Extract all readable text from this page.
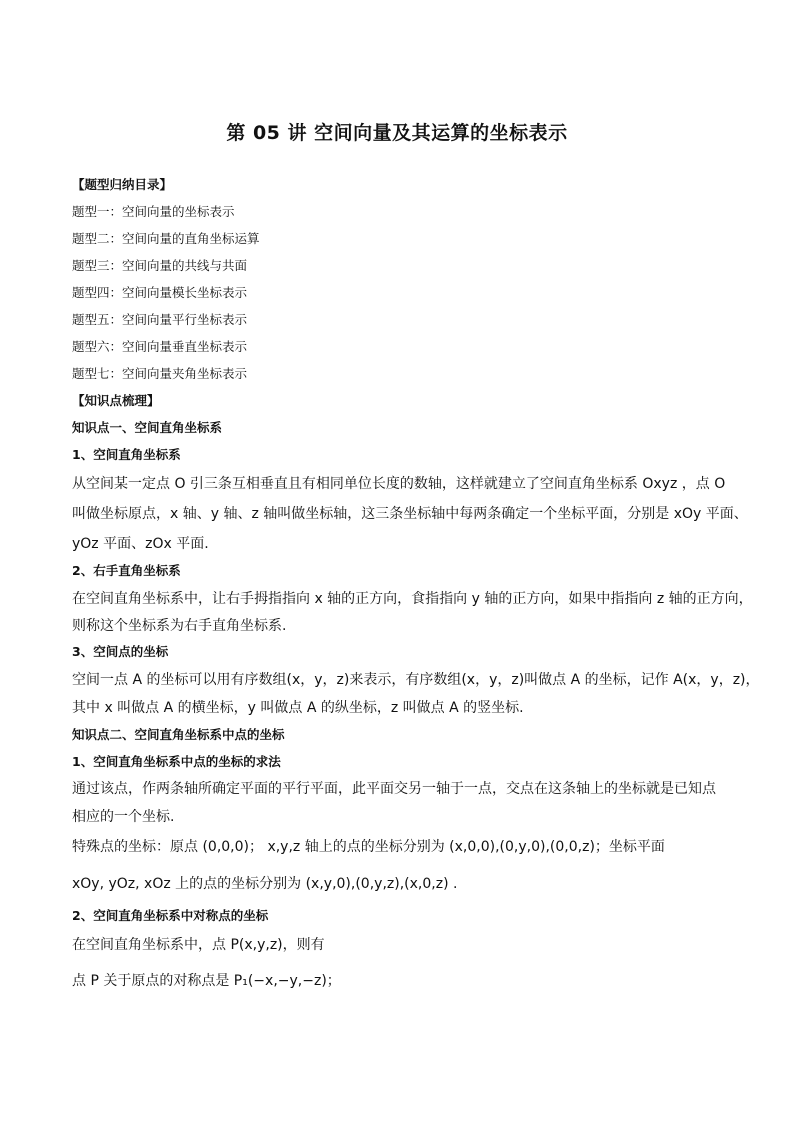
第 05 讲 空间向量及其运算的坐标表示
【题型归纳目录】
题型一：空间向量的坐标表示
题型二：空间向量的直角坐标运算
题型三：空间向量的共线与共面
题型四：空间向量模长坐标表示
题型五：空间向量平行坐标表示
题型六：空间向量垂直坐标表示
题型七：空间向量夹角坐标表示
【知识点梳理】
知识点一、空间直角坐标系
1、空间直角坐标系
从空间某一定点 O 引三条互相垂直且有相同单位长度的数轴，这样就建立了空间直角坐标系 Oxyz ，点 O
叫做坐标原点，x 轴、y 轴、z 轴叫做坐标轴，这三条坐标轴中每两条确定一个坐标平面，分别是 xOy 平面、
yOz 平面、zOx 平面.
2、右手直角坐标系
在空间直角坐标系中，让右手拇指指向 x 轴的正方向，食指指向 y 轴的正方向，如果中指指向 z 轴的正方向，
则称这个坐标系为右手直角坐标系.
3、空间点的坐标
空间一点 A 的坐标可以用有序数组(x，y，z)来表示，有序数组(x，y，z)叫做点 A 的坐标，记作 A(x，y，z)，
其中 x 叫做点 A 的横坐标，y 叫做点 A 的纵坐标，z 叫做点 A 的竖坐标.
知识点二、空间直角坐标系中点的坐标
1、空间直角坐标系中点的坐标的求法
通过该点，作两条轴所确定平面的平行平面，此平面交另一轴于一点，交点在这条轴上的坐标就是已知点
相应的一个坐标.
特殊点的坐标：原点 (0,0,0)； x,y,z 轴上的点的坐标分别为 (x,0,0),(0,y,0),(0,0,z)；坐标平面
xOy, yOz, xOz 上的点的坐标分别为 (x,y,0),(0,y,z),(x,0,z) .
2、空间直角坐标系中对称点的坐标
在空间直角坐标系中，点 P(x,y,z)，则有
点 P 关于原点的对称点是 P₁(−x,−y,−z)；
